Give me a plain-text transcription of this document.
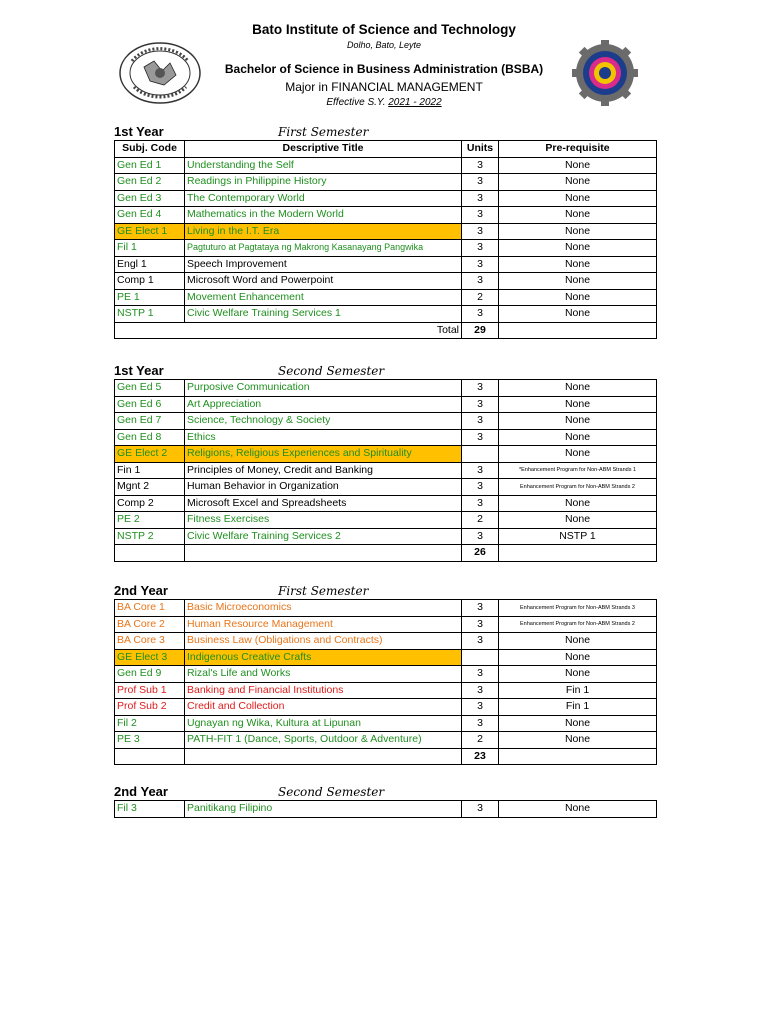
Bato Institute of Science and Technology
Dolho, Bato, Leyte
Bachelor of Science in Business Administration (BSBA)
Major in FINANCIAL MANAGEMENT
Effective S.Y. 2021 - 2022
1st Year	First Semester
Subj. Code	Descriptive Title	Units	Pre-requisite
Gen Ed 1	Understanding the Self	3	None
Gen Ed 2	Readings in Philippine History	3	None
Gen Ed 3	The Contemporary World	3	None
Gen Ed 4	Mathematics in the Modern World	3	None
GE Elect 1	Living in the I.T. Era	3	None
Fil 1	Pagtuturo at Pagtataya ng Makrong Kasanayang Pangwika	3	None
Engl 1	Speech Improvement	3	None
Comp 1	Microsoft Word and Powerpoint	3	None
PE 1	Movement Enhancement	2	None
NSTP 1	Civic Welfare Training Services 1	3	None
Total		29	
1st Year	Second Semester
Gen Ed 5	Purposive Communication	3	None
Gen Ed 6	Art Appreciation	3	None
Gen Ed 7	Science, Technology & Society	3	None
Gen Ed 8	Ethics	3	None
GE Elect 2	Religions, Religious Experiences and Spirituality		None
Fin 1	Principles of Money, Credit and Banking	3	*Enhancement Program for Non-ABM Strands 1
Mgnt 2	Human Behavior in Organization	3	Enhancement Program for Non-ABM Strands 2
Comp 2	Microsoft Excel and Spreadsheets	3	None
PE 2	Fitness Exercises	2	None
NSTP 2	Civic Welfare Training Services 2	3	NSTP 1
		26	
2nd Year	First Semester
BA Core 1	Basic Microeconomics	3	Enhancement Program for Non-ABM Strands 3
BA Core 2	Human Resource Management	3	Enhancement Program for Non-ABM Strands 2
BA Core 3	Business Law (Obligations and Contracts)	3	None
GE Elect 3	Indigenous Creative Crafts		None
Gen Ed 9	Rizal's Life and Works	3	None
Prof Sub 1	Banking and Financial Institutions	3	Fin 1
Prof Sub 2	Credit and Collection	3	Fin 1
Fil 2	Ugnayan ng Wika, Kultura at Lipunan	3	None
PE 3	PATH-FIT 1 (Dance, Sports, Outdoor & Adventure)	2	None
		23	
2nd Year	Second Semester
Fil 3	Panitikang Filipino	3	None
